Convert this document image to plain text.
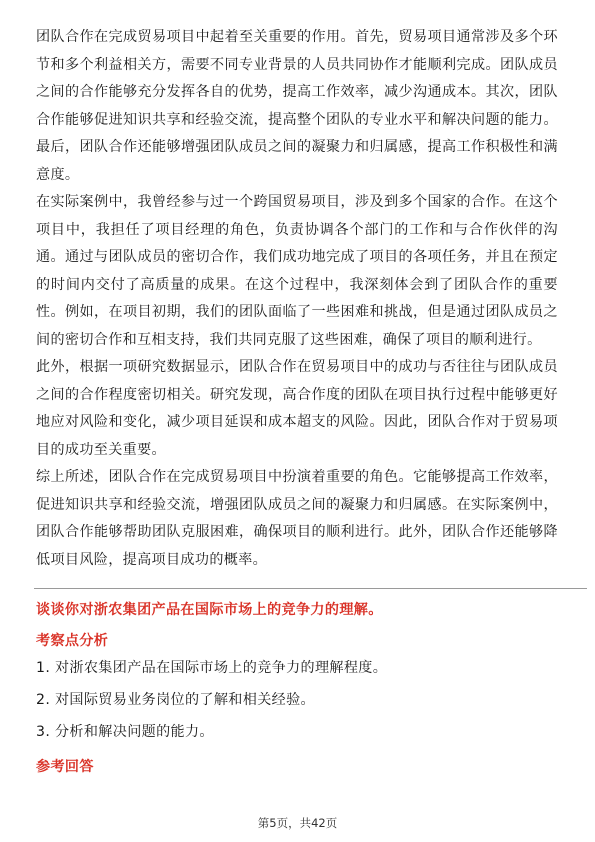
团队合作在完成贸易项目中起着至关重要的作用。首先，贸易项目通常涉及多个环节和多个利益相关方，需要不同专业背景的人员共同协作才能顺利完成。团队成员之间的合作能够充分发挥各自的优势，提高工作效率，减少沟通成本。其次，团队合作能够促进知识共享和经验交流，提高整个团队的专业水平和解决问题的能力。最后，团队合作还能够增强团队成员之间的凝聚力和归属感，提高工作积极性和满意度。

在实际案例中，我曾经参与过一个跨国贸易项目，涉及到多个国家的合作。在这个项目中，我担任了项目经理的角色，负责协调各个部门的工作和与合作伙伴的沟通。通过与团队成员的密切合作，我们成功地完成了项目的各项任务，并且在预定的时间内交付了高质量的成果。在这个过程中，我深刻体会到了团队合作的重要性。例如，在项目初期，我们的团队面临了一些困难和挑战，但是通过团队成员之间的密切合作和互相支持，我们共同克服了这些困难，确保了项目的顺利进行。

此外，根据一项研究数据显示，团队合作在贸易项目中的成功与否往往与团队成员之间的合作程度密切相关。研究发现，高合作度的团队在项目执行过程中能够更好地应对风险和变化，减少项目延误和成本超支的风险。因此，团队合作对于贸易项目的成功至关重要。

综上所述，团队合作在完成贸易项目中扮演着重要的角色。它能够提高工作效率，促进知识共享和经验交流，增强团队成员之间的凝聚力和归属感。在实际案例中，团队合作能够帮助团队克服困难，确保项目的顺利进行。此外，团队合作还能够降低项目风险，提高项目成功的概率。

谈谈你对浙农集团产品在国际市场上的竞争力的理解。
考察点分析
1. 对浙农集团产品在国际市场上的竞争力的理解程度。
2. 对国际贸易业务岗位的了解和相关经验。
3. 分析和解决问题的能力。
参考回答
第5页，共42页
